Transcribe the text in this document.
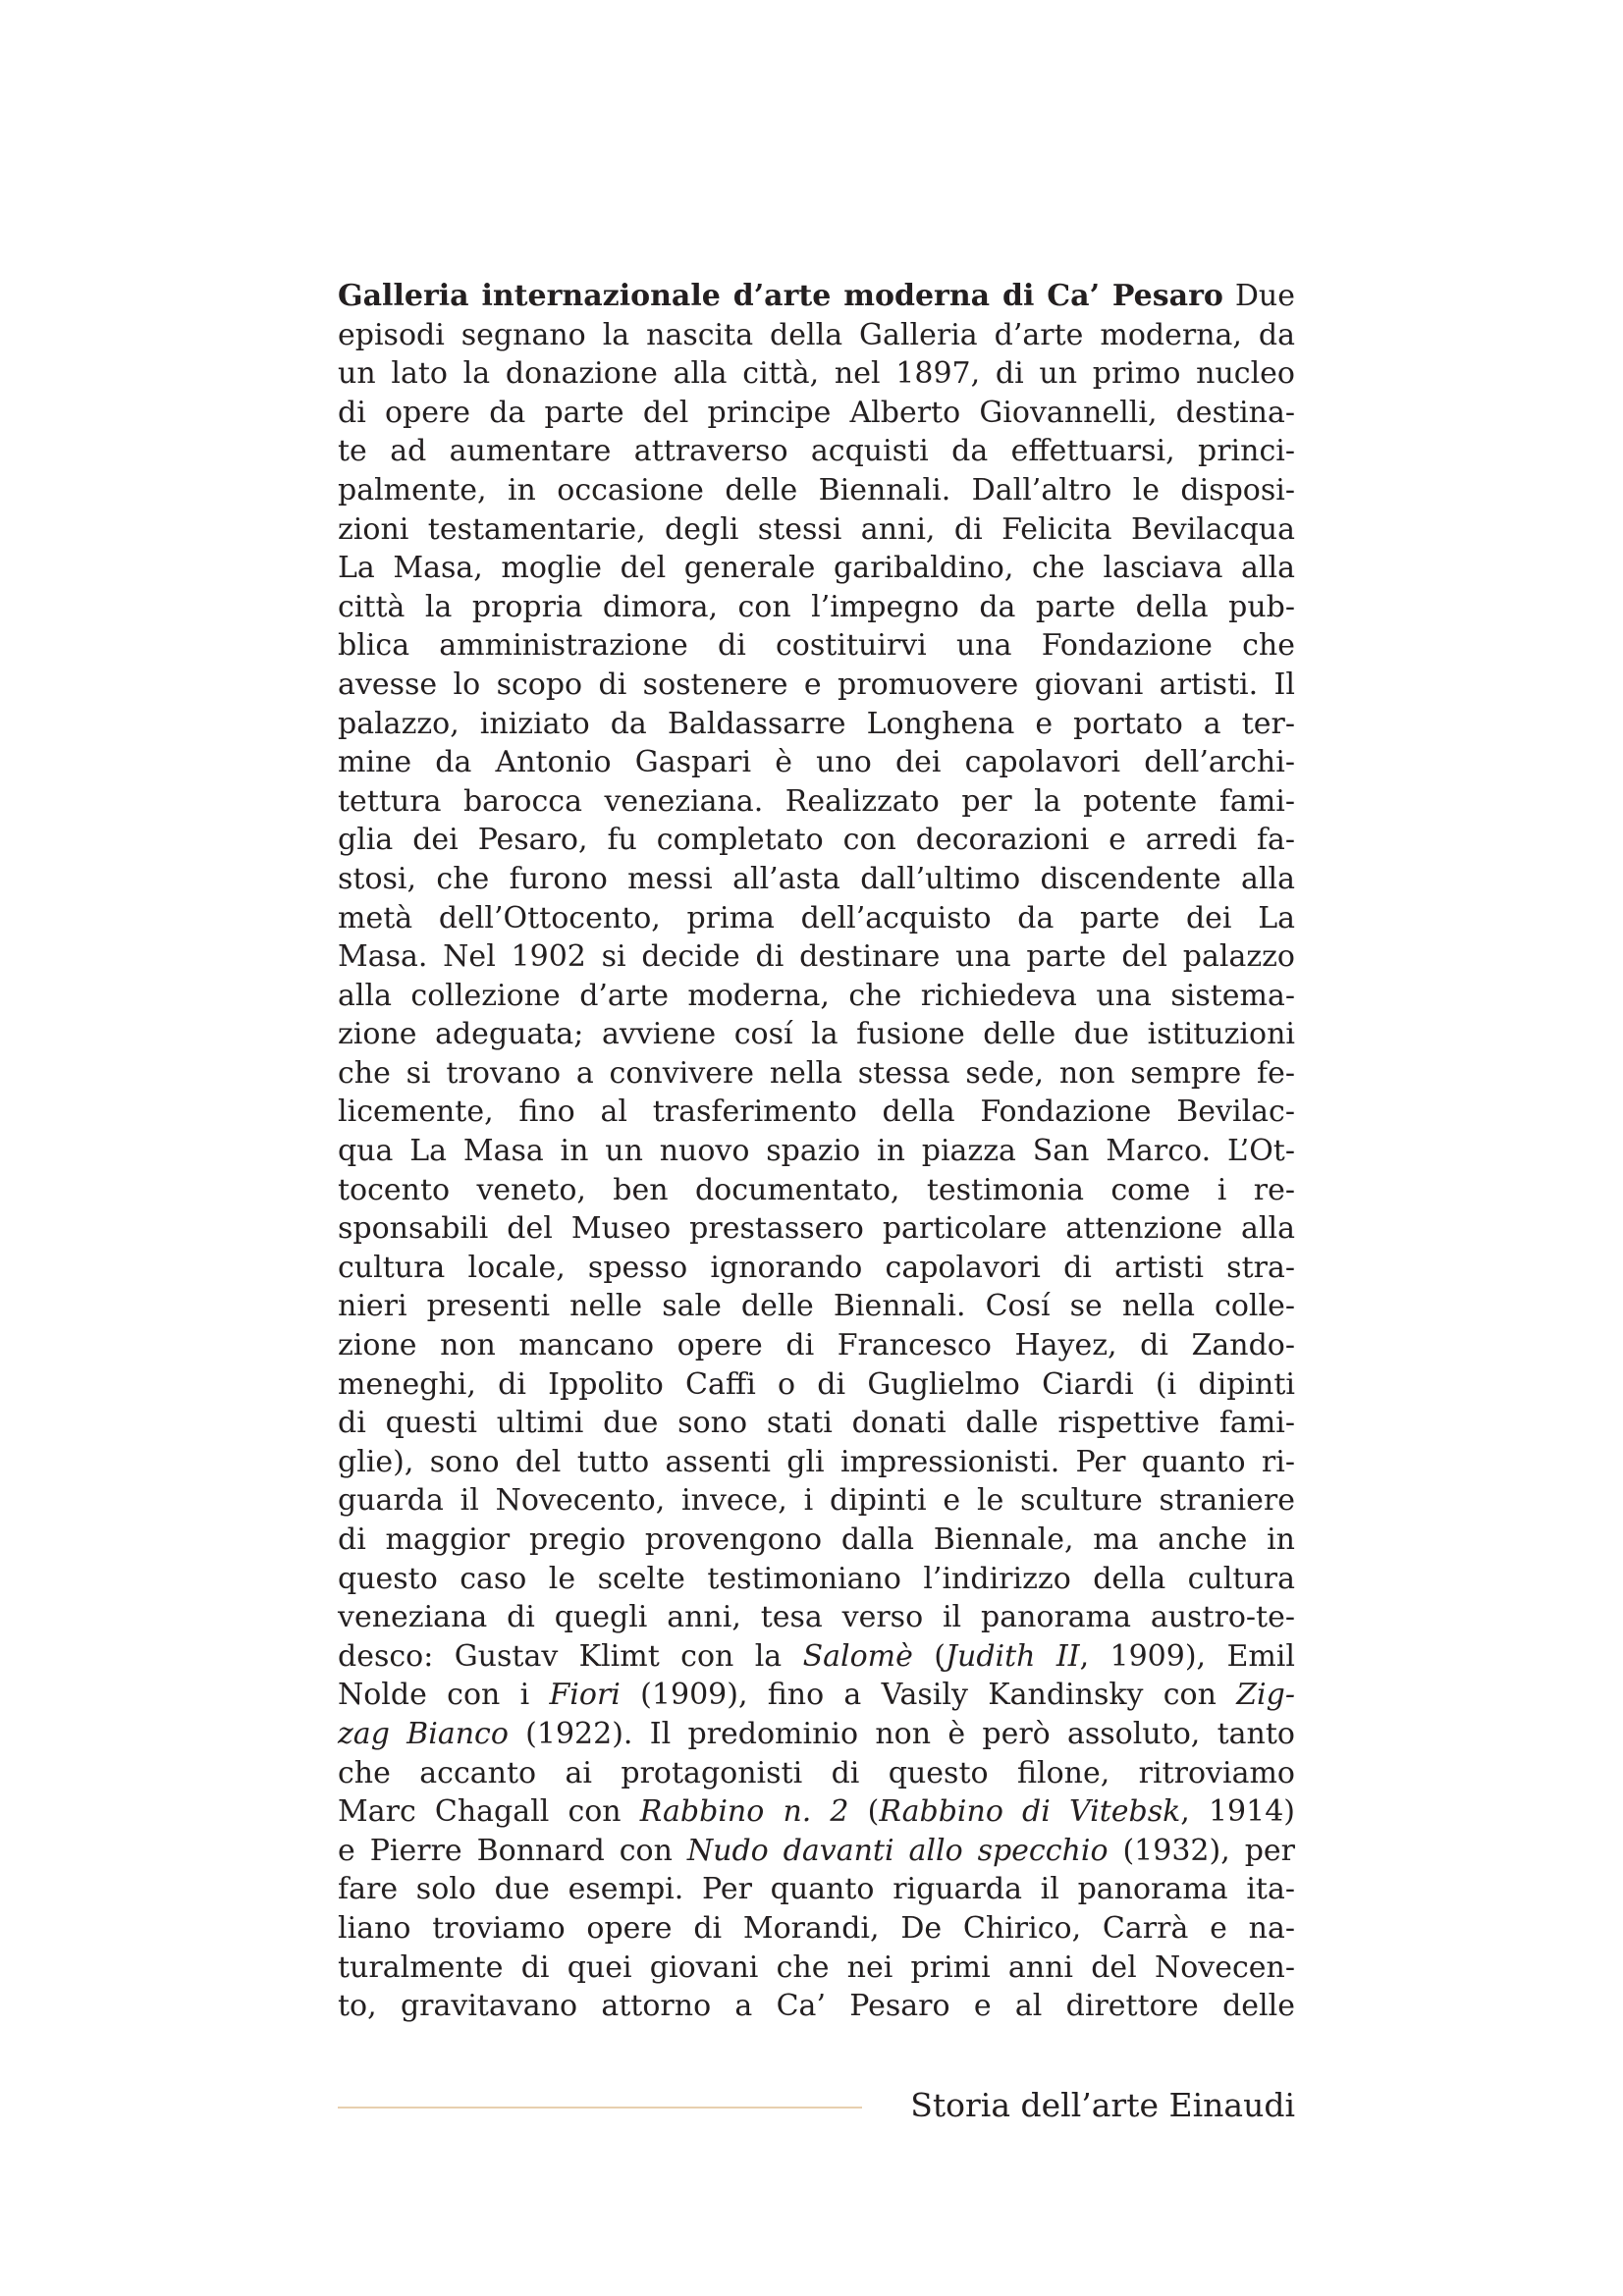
Galleria internazionale d’arte moderna di Ca’ Pesaro Due
episodi segnano la nascita della Galleria d’arte moderna, da
un lato la donazione alla città, nel 1897, di un primo nucleo
di opere da parte del principe Alberto Giovannelli, destina-
te ad aumentare attraverso acquisti da effettuarsi, princi-
palmente, in occasione delle Biennali. Dall’altro le disposi-
zioni testamentarie, degli stessi anni, di Felicita Bevilacqua
La Masa, moglie del generale garibaldino, che lasciava alla
città la propria dimora, con l’impegno da parte della pub-
blica amministrazione di costituirvi una Fondazione che
avesse lo scopo di sostenere e promuovere giovani artisti. Il
palazzo, iniziato da Baldassarre Longhena e portato a ter-
mine da Antonio Gaspari è uno dei capolavori dell’archi-
tettura barocca veneziana. Realizzato per la potente fami-
glia dei Pesaro, fu completato con decorazioni e arredi fa-
stosi, che furono messi all’asta dall’ultimo discendente alla
metà dell’Ottocento, prima dell’acquisto da parte dei La
Masa. Nel 1902 si decide di destinare una parte del palazzo
alla collezione d’arte moderna, che richiedeva una sistema-
zione adeguata; avviene cosí la fusione delle due istituzioni
che si trovano a convivere nella stessa sede, non sempre fe-
licemente, fino al trasferimento della Fondazione Bevilac-
qua La Masa in un nuovo spazio in piazza San Marco. L’Ot-
tocento veneto, ben documentato, testimonia come i re-
sponsabili del Museo prestassero particolare attenzione alla
cultura locale, spesso ignorando capolavori di artisti stra-
nieri presenti nelle sale delle Biennali. Cosí se nella colle-
zione non mancano opere di Francesco Hayez, di Zando-
meneghi, di Ippolito Caffi o di Guglielmo Ciardi (i dipinti
di questi ultimi due sono stati donati dalle rispettive fami-
glie), sono del tutto assenti gli impressionisti. Per quanto ri-
guarda il Novecento, invece, i dipinti e le sculture straniere
di maggior pregio provengono dalla Biennale, ma anche in
questo caso le scelte testimoniano l’indirizzo della cultura
veneziana di quegli anni, tesa verso il panorama austro-te-
desco: Gustav Klimt con la Salomè (Judith II, 1909), Emil
Nolde con i Fiori (1909), fino a Vasily Kandinsky con Zig-
zag Bianco (1922). Il predominio non è però assoluto, tanto
che accanto ai protagonisti di questo filone, ritroviamo
Marc Chagall con Rabbino n. 2 (Rabbino di Vitebsk, 1914)
e Pierre Bonnard con Nudo davanti allo specchio (1932), per
fare solo due esempi. Per quanto riguarda il panorama ita-
liano troviamo opere di Morandi, De Chirico, Carrà e na-
turalmente di quei giovani che nei primi anni del Novecen-
to, gravitavano attorno a Ca’ Pesaro e al direttore delle
Storia dell’arte Einaudi
